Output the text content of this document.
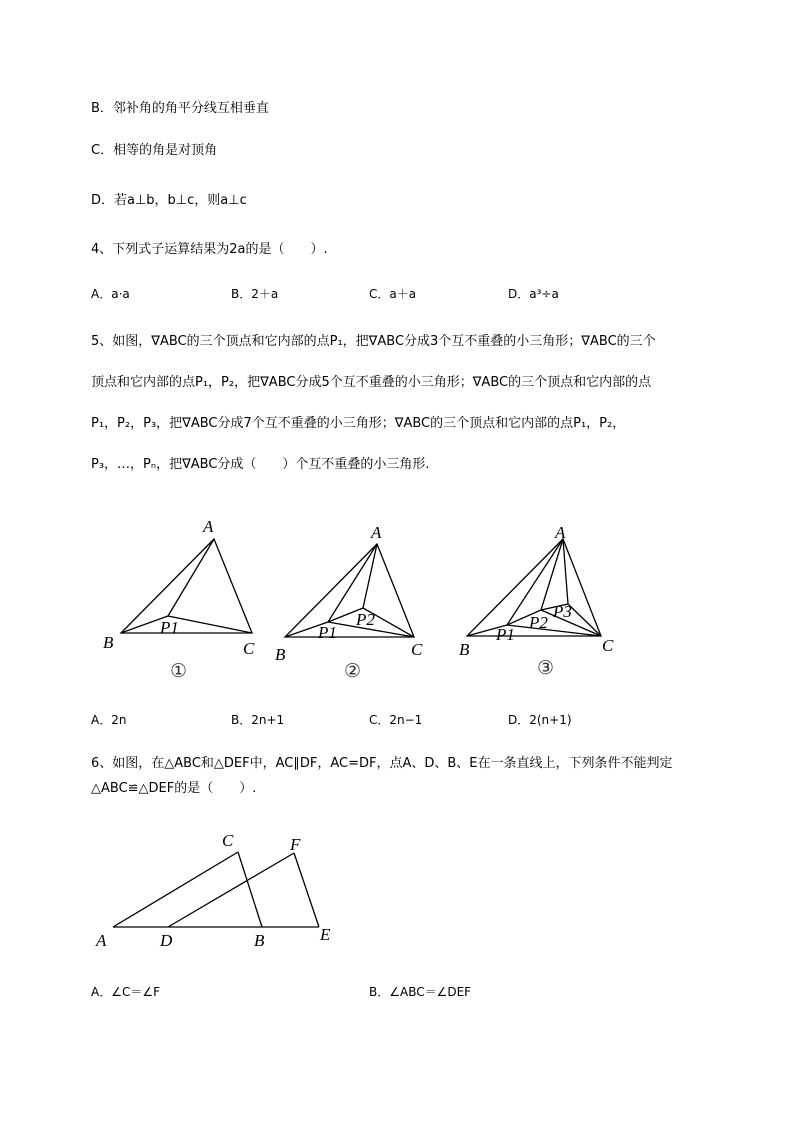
B．邻补角的角平分线互相垂直
C．相等的角是对顶角
D．若a⊥b，b⊥c，则a⊥c
4、下列式子运算结果为2a的是（　　）.
A．a·a	B．2＋a	C．a＋a	D．a³÷a
5、如图，∇ABC的三个顶点和它内部的点P₁，把∇ABC分成3个互不重叠的小三角形；∇ABC的三个
顶点和它内部的点P₁，P₂，把∇ABC分成5个互不重叠的小三角形；∇ABC的三个顶点和它内部的点
P₁，P₂，P₃，把∇ABC分成7个互不重叠的小三角形；∇ABC的三个顶点和它内部的点P₁，P₂，
P₃，…，Pₙ，把∇ABC分成（　　）个互不重叠的小三角形.
A
B	C
P1
A
B	C
P1
P2
A
B	C
P1
P2
P3
①	②	③
A．2n	B．2n+1	C．2n−1	D．2(n+1)
6、如图，在△ABC和△DEF中，AC∥DF，AC=DF，点A、D、B、E在一条直线上，下列条件不能判定
△ABC≌△DEF的是（　　）.
A	D	B	E
C	F
A．∠C＝∠F	B．∠ABC＝∠DEF
